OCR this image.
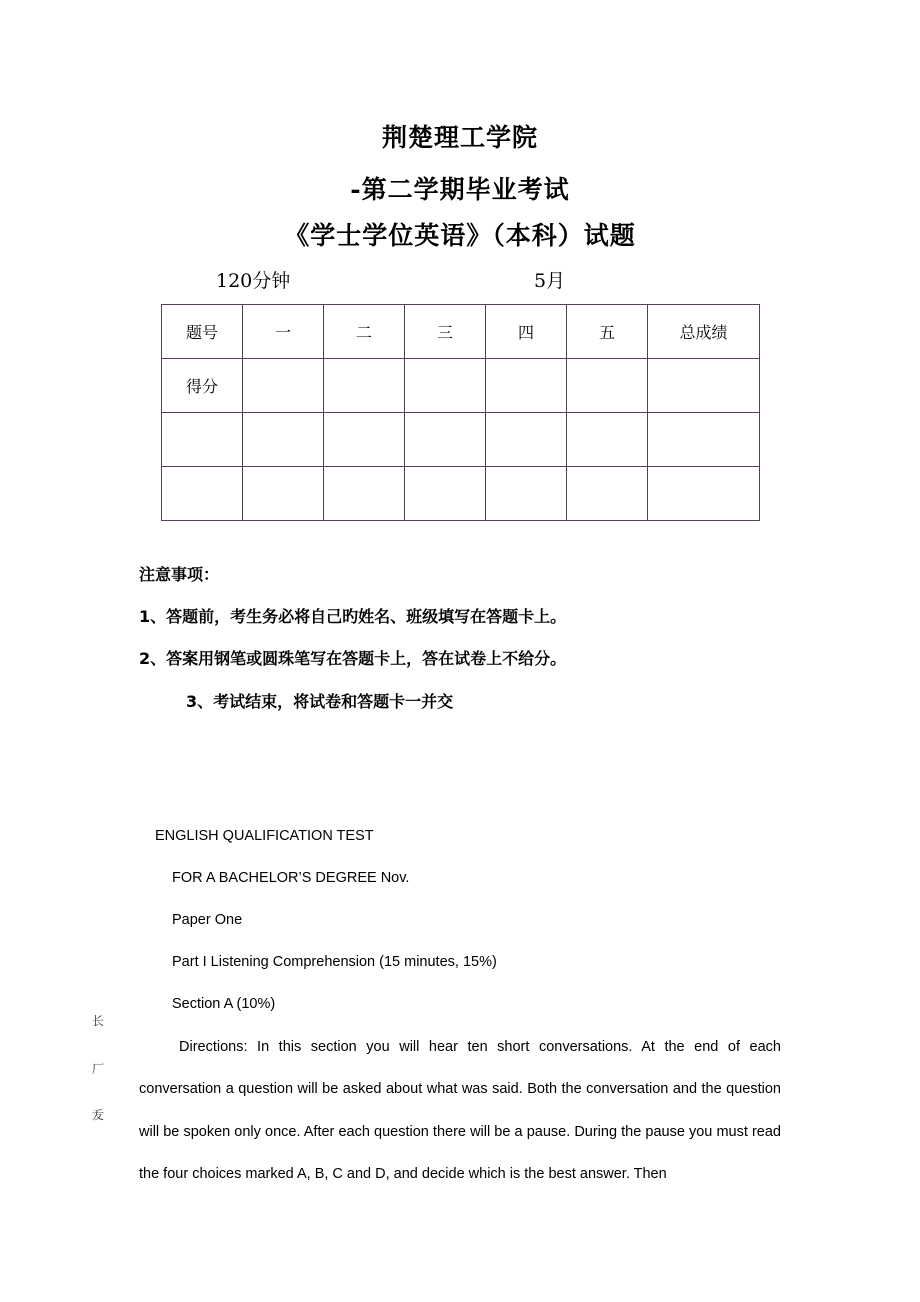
荆楚理工学院
-第二学期毕业考试
《学士学位英语》（本科）试题
120分钟	5月
题号	一	二	三	四	五	总成绩
得分						

注意事项：
1、答题前，考生务必将自己旳姓名、班级填写在答题卡上。
2、答案用钢笔或圆珠笔写在答题卡上，答在试卷上不给分。
3、考试结束，将试卷和答题卡一并交
ENGLISH QUALIFICATION TEST
FOR A BACHELOR’S DEGREE Nov.
Paper One
Part I Listening Comprehension (15 minutes, 15%)
Section A (10%)
Directions: In this section you will hear ten short conversations. At the end of each conversation a question will be asked about what was said. Both the conversation and the question will be spoken only once. After each question there will be a pause. During the pause you must read the four choices marked A, B, C and D, and decide which is the best answer. Then
长
厂
叐
